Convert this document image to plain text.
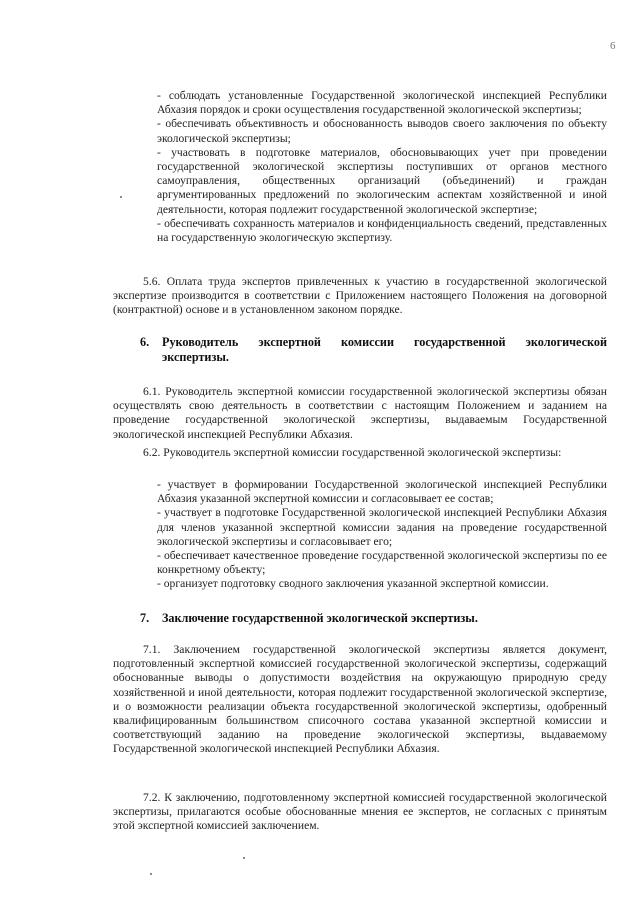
6

- соблюдать установленные Государственной экологической инспекцией Республики Абхазия порядок и сроки осуществления государственной экологической экспертизы;

- обеспечивать объективность и обоснованность выводов своего заключения по объекту экологической экспертизы;

- участвовать в подготовке материалов, обосновывающих учет при проведении государственной экологической экспертизы поступивших от органов местного самоуправления, общественных организаций (объединений) и граждан аргументированных предложений по экологическим аспектам хозяйственной и иной деятельности, которая подлежит государственной экологической экспертизе;

- обеспечивать сохранность материалов и конфиденциальность сведений, представленных на государственную экологическую экспертизу.

5.6. Оплата труда экспертов привлеченных к участию в государственной экологической экспертизе производится в соответствии с Приложением настоящего Положения на договорной (контрактной) основе и в установленном законом порядке.

6. Руководитель экспертной комиссии государственной экологической
экспертизы.

6.1. Руководитель экспертной комиссии государственной экологической экспертизы обязан осуществлять свою деятельность в соответствии с настоящим Положением и заданием на проведение государственной экологической экспертизы, выдаваемым Государственной экологической инспекцией Республики Абхазия.

6.2. Руководитель экспертной комиссии государственной экологической экспертизы:

- участвует в формировании Государственной экологической инспекцией Республики Абхазия указанной экспертной комиссии и согласовывает ее состав;

- участвует в подготовке Государственной экологической инспекцией Республики Абхазия для членов указанной экспертной комиссии задания на проведение государственной экологической экспертизы и согласовывает его;

- обеспечивает качественное проведение государственной экологической экспертизы по ее конкретному объекту;

- организует подготовку сводного заключения указанной экспертной комиссии.

7. Заключение государственной экологической экспертизы.

7.1. Заключением государственной экологической экспертизы является документ, подготовленный экспертной комиссией государственной экологической экспертизы, содержащий обоснованные выводы о допустимости воздействия на окружающую природную среду хозяйственной и иной деятельности, которая подлежит государственной экологической экспертизе, и о возможности реализации объекта государственной экологической экспертизы, одобренный квалифицированным большинством списочного состава указанной экспертной комиссии и соответствующий заданию на проведение экологической экспертизы, выдаваемому Государственной экологической инспекцией Республики Абхазия.

7.2. К заключению, подготовленному экспертной комиссией государственной экологической экспертизы, прилагаются особые обоснованные мнения ее экспертов, не согласных с принятым этой экспертной комиссией заключением.
